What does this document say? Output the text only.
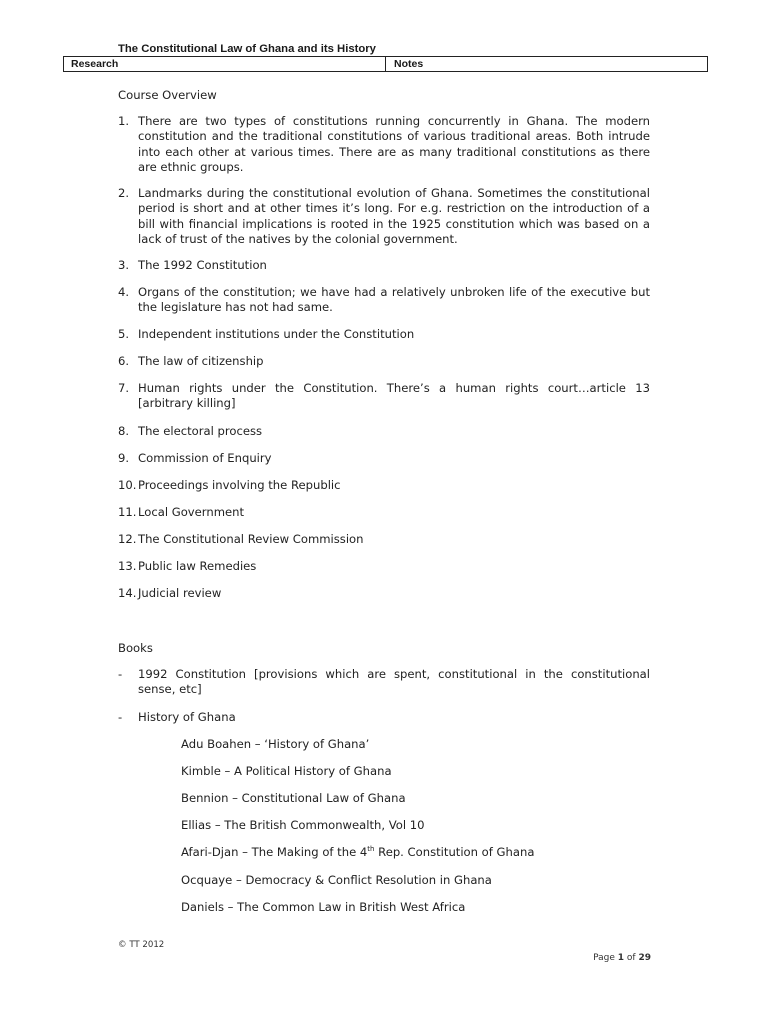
The Constitutional Law of Ghana and its History
Research	Notes
Course Overview
1. There are two types of constitutions running concurrently in Ghana. The modern constitution and the traditional constitutions of various traditional areas. Both intrude into each other at various times. There are as many traditional constitutions as there are ethnic groups.
2. Landmarks during the constitutional evolution of Ghana. Sometimes the constitutional period is short and at other times it’s long. For e.g. restriction on the introduction of a bill with financial implications is rooted in the 1925 constitution which was based on a lack of trust of the natives by the colonial government.
3. The 1992 Constitution
4. Organs of the constitution; we have had a relatively unbroken life of the executive but the legislature has not had same.
5. Independent institutions under the Constitution
6. The law of citizenship
7. Human rights under the Constitution. There’s a human rights court…article 13 [arbitrary killing]
8. The electoral process
9. Commission of Enquiry
10. Proceedings involving the Republic
11. Local Government
12. The Constitutional Review Commission
13. Public law Remedies
14. Judicial review
Books
- 1992 Constitution [provisions which are spent, constitutional in the constitutional sense, etc]
- History of Ghana
Adu Boahen – ‘History of Ghana’
Kimble – A Political History of Ghana
Bennion – Constitutional Law of Ghana
Ellias – The British Commonwealth, Vol 10
Afari-Djan – The Making of the 4th Rep. Constitution of Ghana
Ocquaye – Democracy & Conflict Resolution in Ghana
Daniels – The Common Law in British West Africa
© TT 2012
Page 1 of 29
